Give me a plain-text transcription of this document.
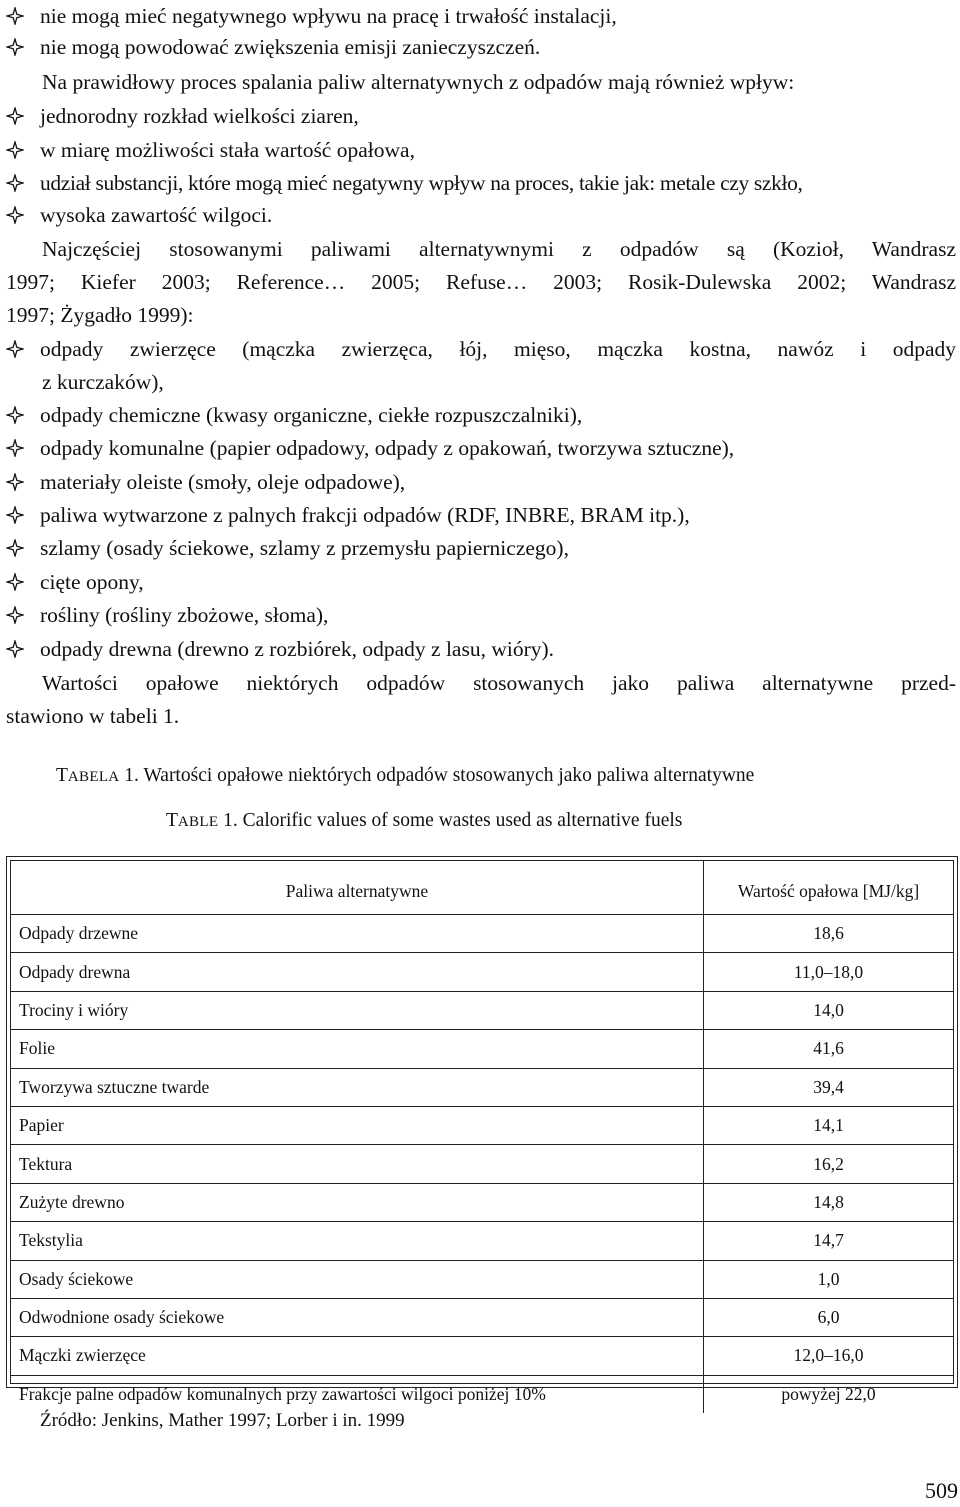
nie mogą mieć negatywnego wpływu na pracę i trwałość instalacji,
nie mogą powodować zwiększenia emisji zanieczyszczeń.
Na prawidłowy proces spalania paliw alternatywnych z odpadów mają również wpływ:
jednorodny rozkład wielkości ziaren,
w miarę możliwości stała wartość opałowa,
udział substancji, które mogą mieć negatywny wpływ na proces, takie jak: metale czy szkło,
wysoka zawartość wilgoci.
Najczęściej stosowanymi paliwami alternatywnymi z odpadów są (Kozioł, Wandrasz
1997; Kiefer 2003; Reference… 2005; Refuse… 2003; Rosik-Dulewska 2002; Wandrasz
1997; Żygadło 1999):
odpady zwierzęce (mączka zwierzęca, łój, mięso, mączka kostna, nawóz i odpady
z kurczaków),
odpady chemiczne (kwasy organiczne, ciekłe rozpuszczalniki),
odpady komunalne (papier odpadowy, odpady z opakowań, tworzywa sztuczne),
materiały oleiste (smoły, oleje odpadowe),
paliwa wytwarzone z palnych frakcji odpadów (RDF, INBRE, BRAM itp.),
szlamy (osady ściekowe, szlamy z przemysłu papierniczego),
cięte opony,
rośliny (rośliny zbożowe, słoma),
odpady drewna (drewno z rozbiórek, odpady z lasu, wióry).
Wartości opałowe niektórych odpadów stosowanych jako paliwa alternatywne przed-
stawiono w tabeli 1.
TABELA 1. Wartości opałowe niektórych odpadów stosowanych jako paliwa alternatywne
TABLE 1. Calorific values of some wastes used as alternative fuels
Paliwa alternatywne	Wartość opałowa [MJ/kg]
Odpady drzewne	18,6
Odpady drewna	11,0–18,0
Trociny i wióry	14,0
Folie	41,6
Tworzywa sztuczne twarde	39,4
Papier	14,1
Tektura	16,2
Zużyte drewno	14,8
Tekstylia	14,7
Osady ściekowe	1,0
Odwodnione osady ściekowe	6,0
Mączki zwierzęce	12,0–16,0
Frakcje palne odpadów komunalnych przy zawartości wilgoci poniżej 10%	powyżej 22,0
Źródło: Jenkins, Mather 1997; Lorber i in. 1999
509
